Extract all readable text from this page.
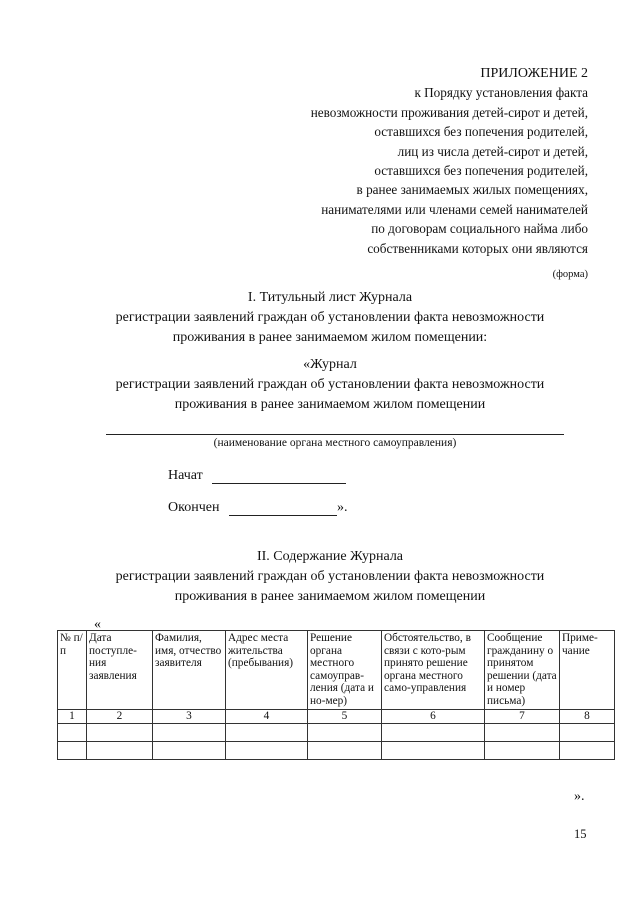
ПРИЛОЖЕНИЕ 2
к Порядку установления факта
невозможности проживания детей-сирот и детей,
оставшихся без попечения родителей,
лиц из числа детей-сирот и детей,
оставшихся без попечения родителей,
в ранее занимаемых жилых помещениях,
нанимателями или членами семей нанимателей
по договорам социального найма либо
собственниками которых они являются
(форма)
I. Титульный лист Журнала
регистрации заявлений граждан об установлении факта невозможности
проживания в ранее занимаемом жилом помещении:
«Журнал
регистрации заявлений граждан об установлении факта невозможности
проживания в ранее занимаемом жилом помещении
(наименование органа местного самоуправления)
Начат
Окончен	».
II. Содержание Журнала
регистрации заявлений граждан об установлении факта невозможности
проживания в ранее занимаемом жилом помещении
«
№ п/п	Дата поступле-ния заявления	Фамилия, имя, отчество заявителя	Адрес места жительства (пребывания)	Решение органа местного самоуправ-ления (дата и но-мер)	Обстоятельство, в связи с кото-рым принято решение органа местного само-управления	Сообщение гражданину о принятом решении (дата и номер письма)	Приме-чание
1	2	3	4	5	6	7	8

».
15
